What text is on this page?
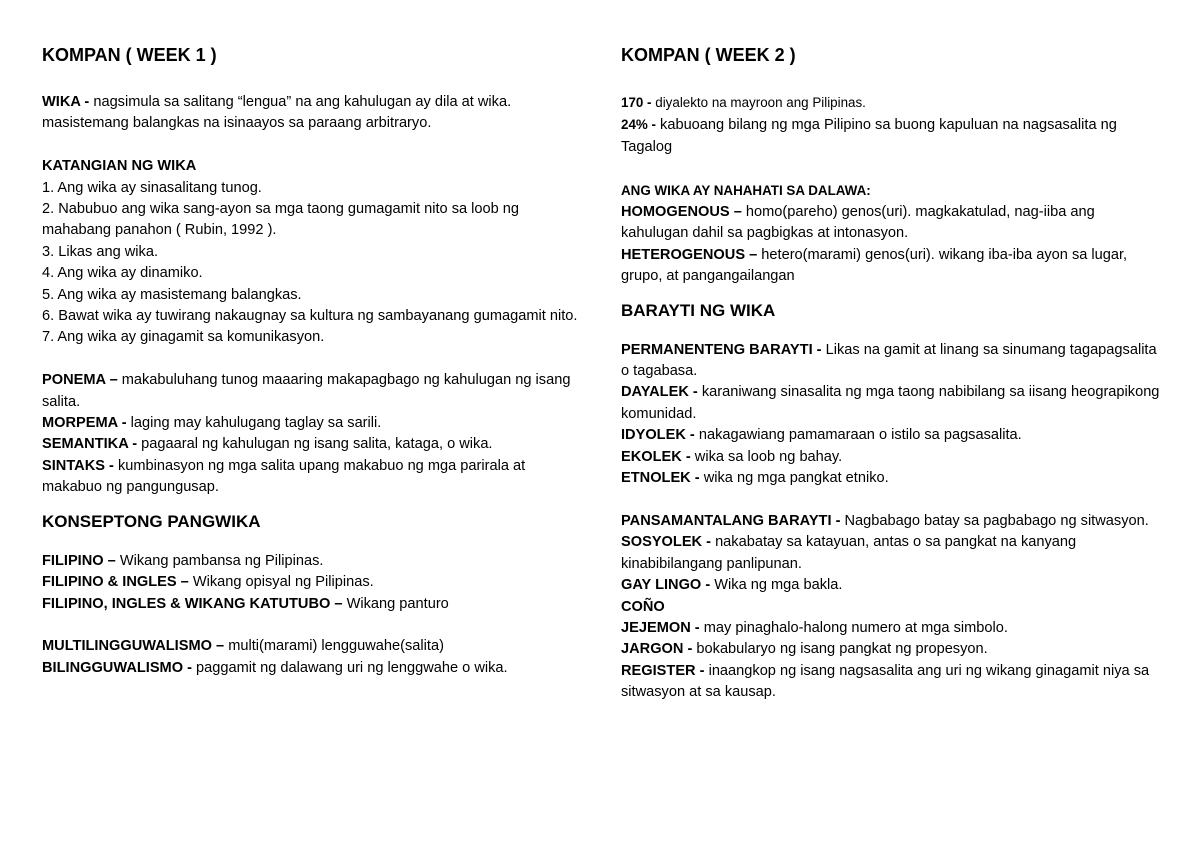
KOMPAN ( WEEK 1 )

WIKA - nagsimula sa salitang “lengua” na ang kahulugan ay dila at wika. masistemang balangkas na isinaayos sa paraang arbitraryo.

KATANGIAN NG WIKA

1. Ang wika ay sinasalitang tunog.

2. Nabubuo ang wika sang-ayon sa mga taong gumagamit nito sa loob ng mahabang panahon ( Rubin, 1992 ).

3. Likas ang wika.

4. Ang wika ay dinamiko.

5. Ang wika ay masistemang balangkas.

6. Bawat wika ay tuwirang nakaugnay sa kultura ng sambayanang gumagamit nito.

7. Ang wika ay ginagamit sa komunikasyon.

PONEMA – makabuluhang tunog maaaring makapagbago ng kahulugan ng isang salita.

MORPEMA - laging may kahulugang taglay sa sarili.

SEMANTIKA - pagaaral ng kahulugan ng isang salita, kataga, o wika.

SINTAKS - kumbinasyon ng mga salita upang makabuo ng mga parirala at makabuo ng pangungusap.

KONSEPTONG PANGWIKA

FILIPINO – Wikang pambansa ng Pilipinas.

FILIPINO & INGLES – Wikang opisyal ng Pilipinas.

FILIPINO, INGLES & WIKANG KATUTUBO – Wikang panturo

MULTILINGGUWALISMO – multi(marami) lengguwahe(salita)

BILINGGUWALISMO - paggamit ng dalawang uri ng lenggwahe o wika.

KOMPAN ( WEEK 2 )

170 - diyalekto na mayroon ang Pilipinas.

24% - kabuoang bilang ng mga Pilipino sa buong kapuluan na nagsasalita ng Tagalog

ANG WIKA AY NAHAHATI SA DALAWA:

HOMOGENOUS – homo(pareho) genos(uri). magkakatulad, nag-iiba ang kahulugan dahil sa pagbigkas at intonasyon.

HETEROGENOUS – hetero(marami) genos(uri). wikang iba-iba ayon sa lugar, grupo, at pangangailangan

BARAYTI NG WIKA

PERMANENTENG BARAYTI - Likas na gamit at linang sa sinumang tagapagsalita o tagabasa.

DAYALEK - karaniwang sinasalita ng mga taong nabibilang sa iisang heograpikong komunidad.

IDYOLEK - nakagawiang pamamaraan o istilo sa pagsasalita.

EKOLEK - wika sa loob ng bahay.

ETNOLEK - wika ng mga pangkat etniko.

PANSAMANTALANG BARAYTI - Nagbabago batay sa pagbabago ng sitwasyon.

SOSYOLEK - nakabatay sa katayuan, antas o sa pangkat na kanyang kinabibilangang panlipunan.

GAY LINGO - Wika ng mga bakla.

COÑO

JEJEMON - may pinaghalo-halong numero at mga simbolo.

JARGON - bokabularyo ng isang pangkat ng propesyon.

REGISTER - inaangkop ng isang nagsasalita ang uri ng wikang ginagamit niya sa sitwasyon at sa kausap.
